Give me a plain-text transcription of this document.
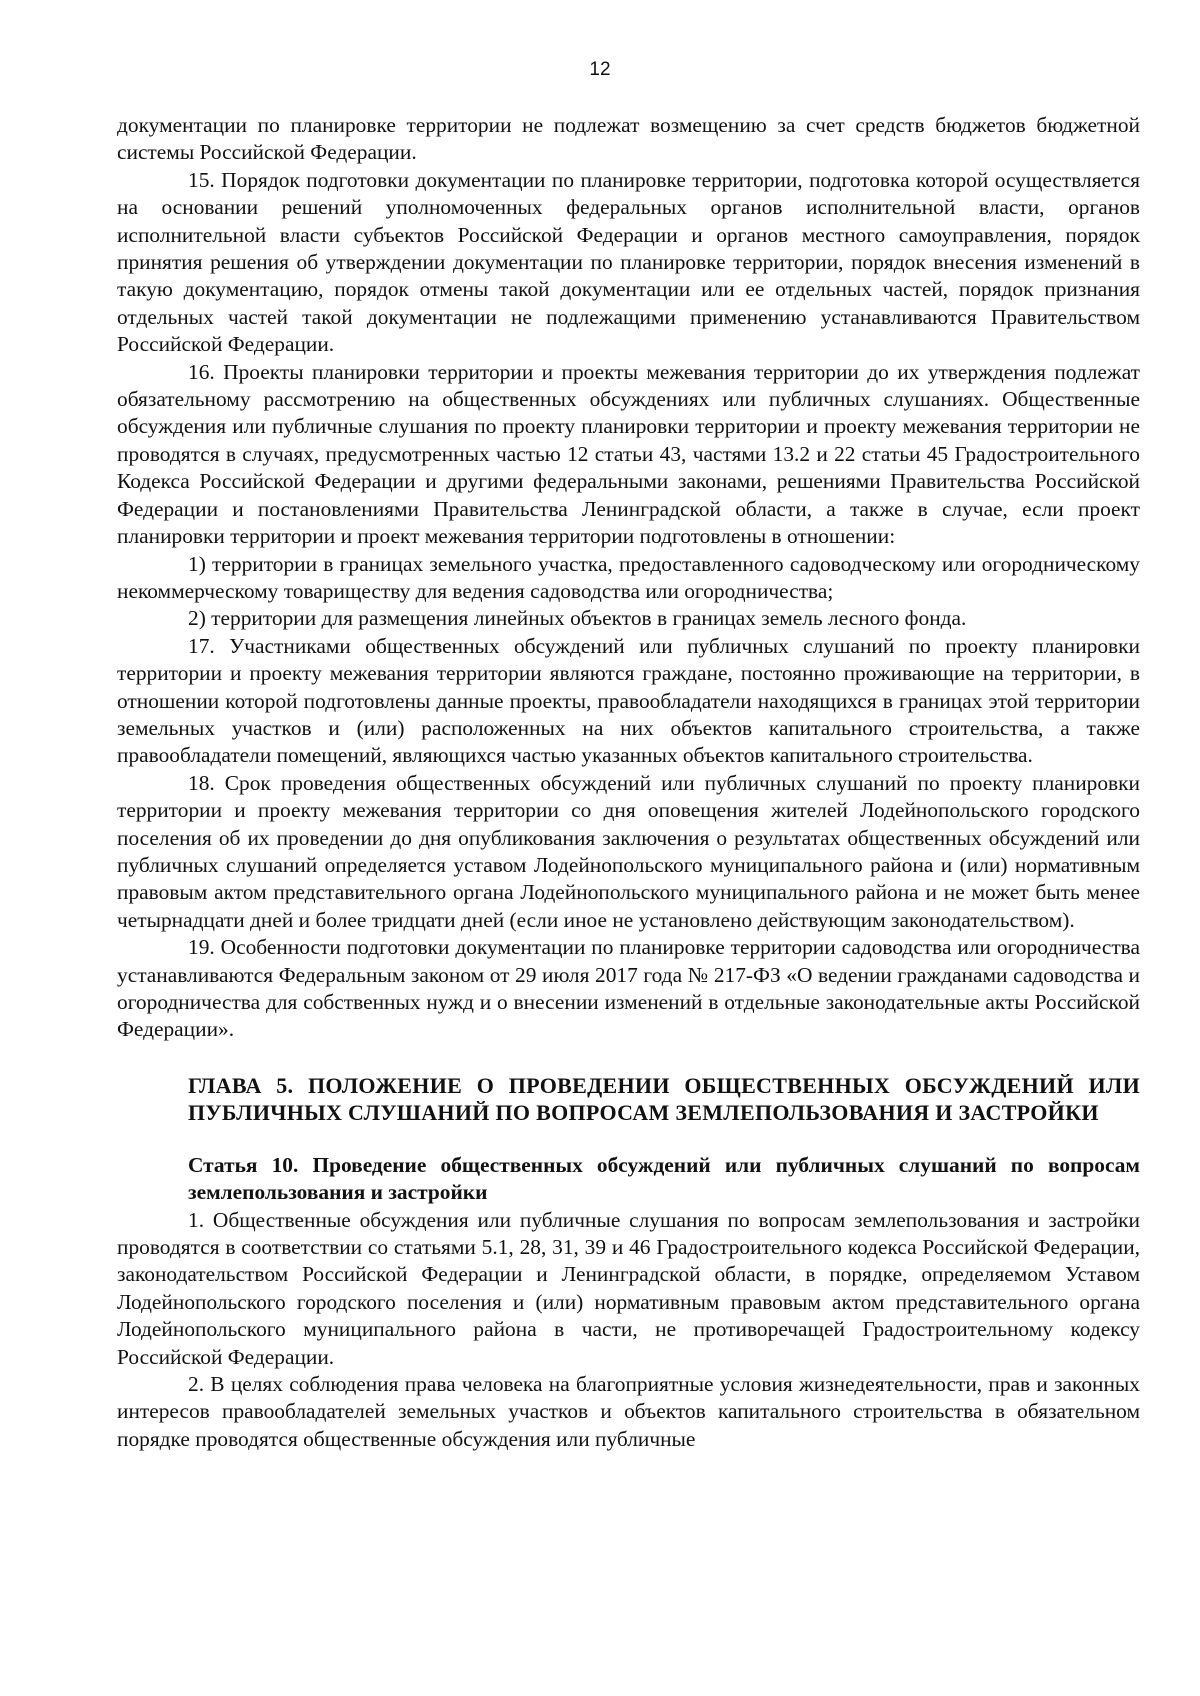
12

документации по планировке территории не подлежат возмещению за счет средств бюджетов бюджетной системы Российской Федерации.

15. Порядок подготовки документации по планировке территории, подготовка которой осуществляется на основании решений уполномоченных федеральных органов исполнительной власти, органов исполнительной власти субъектов Российской Федерации и органов местного самоуправления, порядок принятия решения об утверждении документации по планировке территории, порядок внесения изменений в такую документацию, порядок отмены такой документации или ее отдельных частей, порядок признания отдельных частей такой документации не подлежащими применению устанавливаются Правительством Российской Федерации.

16. Проекты планировки территории и проекты межевания территории до их утверждения подлежат обязательному рассмотрению на общественных обсуждениях или публичных слушаниях. Общественные обсуждения или публичные слушания по проекту планировки территории и проекту межевания территории не проводятся в случаях, предусмотренных частью 12 статьи 43, частями 13.2 и 22 статьи 45 Градостроительного Кодекса Российской Федерации и другими федеральными законами, решениями Правительства Российской Федерации и постановлениями Правительства Ленинградской области, а также в случае, если проект планировки территории и проект межевания территории подготовлены в отношении:

1) территории в границах земельного участка, предоставленного садоводческому или огородническому некоммерческому товариществу для ведения садоводства или огородничества;

2) территории для размещения линейных объектов в границах земель лесного фонда.

17. Участниками общественных обсуждений или публичных слушаний по проекту планировки территории и проекту межевания территории являются граждане, постоянно проживающие на территории, в отношении которой подготовлены данные проекты, правообладатели находящихся в границах этой территории земельных участков и (или) расположенных на них объектов капитального строительства, а также правообладатели помещений, являющихся частью указанных объектов капитального строительства.

18. Срок проведения общественных обсуждений или публичных слушаний по проекту планировки территории и проекту межевания территории со дня оповещения жителей Лодейнопольского городского поселения об их проведении до дня опубликования заключения о результатах общественных обсуждений или публичных слушаний определяется уставом Лодейнопольского муниципального района и (или) нормативным правовым актом представительного органа Лодейнопольского муниципального района и не может быть менее четырнадцати дней и более тридцати дней (если иное не установлено действующим законодательством).

19. Особенности подготовки документации по планировке территории садоводства или огородничества устанавливаются Федеральным законом от 29 июля 2017 года № 217-ФЗ «О ведении гражданами садоводства и огородничества для собственных нужд и о внесении изменений в отдельные законодательные акты Российской Федерации».

ГЛАВА 5. ПОЛОЖЕНИЕ О ПРОВЕДЕНИИ ОБЩЕСТВЕННЫХ ОБСУЖДЕНИЙ ИЛИ ПУБЛИЧНЫХ СЛУШАНИЙ ПО ВОПРОСАМ ЗЕМЛЕПОЛЬЗОВАНИЯ И ЗАСТРОЙКИ
Статья 10. Проведение общественных обсуждений или публичных слушаний по вопросам землепользования и застройки

1. Общественные обсуждения или публичные слушания по вопросам землепользования и застройки проводятся в соответствии со статьями 5.1, 28, 31, 39 и 46 Градостроительного кодекса Российской Федерации, законодательством Российской Федерации и Ленинградской области, в порядке, определяемом Уставом Лодейнопольского городского поселения и (или) нормативным правовым актом представительного органа Лодейнопольского муниципального района в части, не противоречащей Градостроительному кодексу Российской Федерации.

2. В целях соблюдения права человека на благоприятные условия жизнедеятельности, прав и законных интересов правообладателей земельных участков и объектов капитального строительства в обязательном порядке проводятся общественные обсуждения или публичные
